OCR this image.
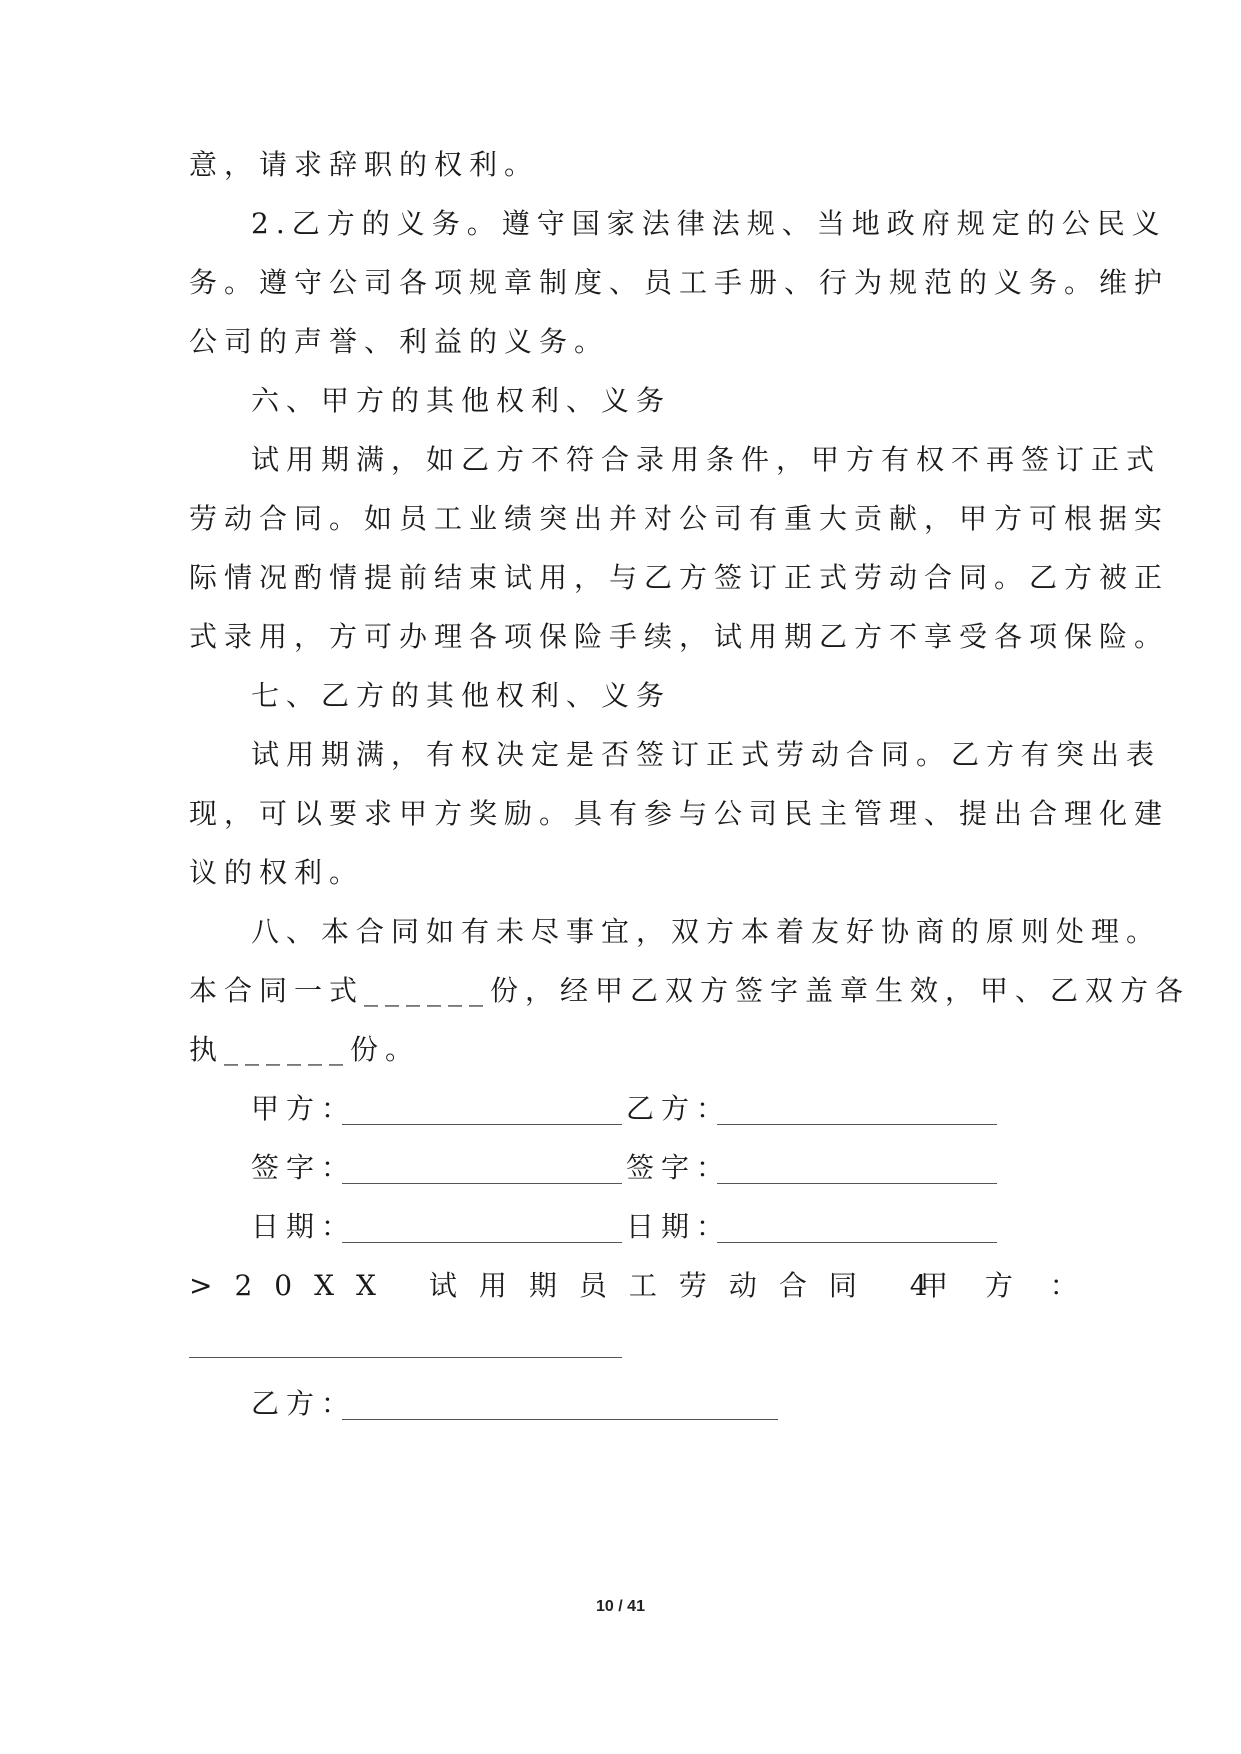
意，请求辞职的权利。
2.乙方的义务。遵守国家法律法规、当地政府规定的公民义
务。遵守公司各项规章制度、员工手册、行为规范的义务。维护
公司的声誉、利益的义务。
六、甲方的其他权利、义务
试用期满，如乙方不符合录用条件，甲方有权不再签订正式
劳动合同。如员工业绩突出并对公司有重大贡献，甲方可根据实
际情况酌情提前结束试用，与乙方签订正式劳动合同。乙方被正
式录用，方可办理各项保险手续，试用期乙方不享受各项保险。
七、乙方的其他权利、义务
试用期满，有权决定是否签订正式劳动合同。乙方有突出表
现，可以要求甲方奖励。具有参与公司民主管理、提出合理化建
议的权利。
八、本合同如有未尽事宜，双方本着友好协商的原则处理。
本合同一式______份，经甲乙双方签字盖章生效，甲、乙双方各
执______份。
甲方：	乙方：
签字：	签字：
日期：	日期：
>20XX 试用期员工劳动合同 4
甲 方 ：
乙方：
10 / 41
